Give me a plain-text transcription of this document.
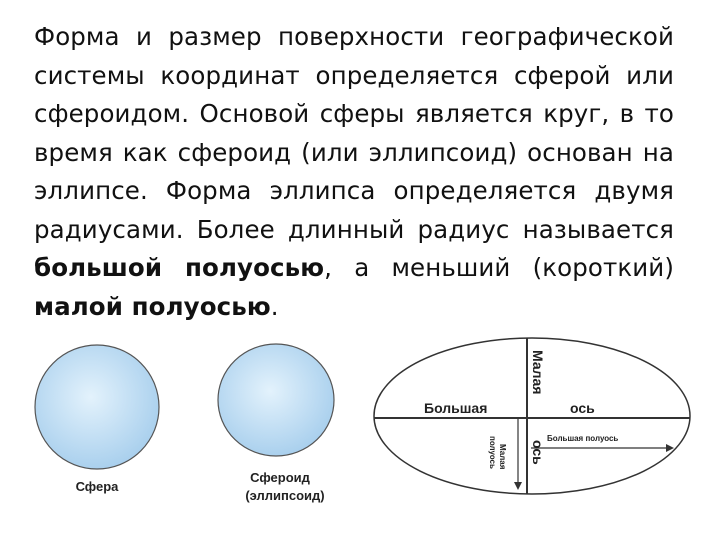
Форма и размер поверхности географической системы координат определяется сферой или сфероидом. Основой сферы является круг, в то время как сфероид (или эллипсоид) основан на эллипсе. Форма эллипса определяется двумя радиусами. Более длинный радиус называется большой полуосью, а меньший (короткий) малой полуосью.

Сфера
Сфероид
(эллипсоид)
Большая	ось
Малая
ось
Большая полуось
Малая
полуось
